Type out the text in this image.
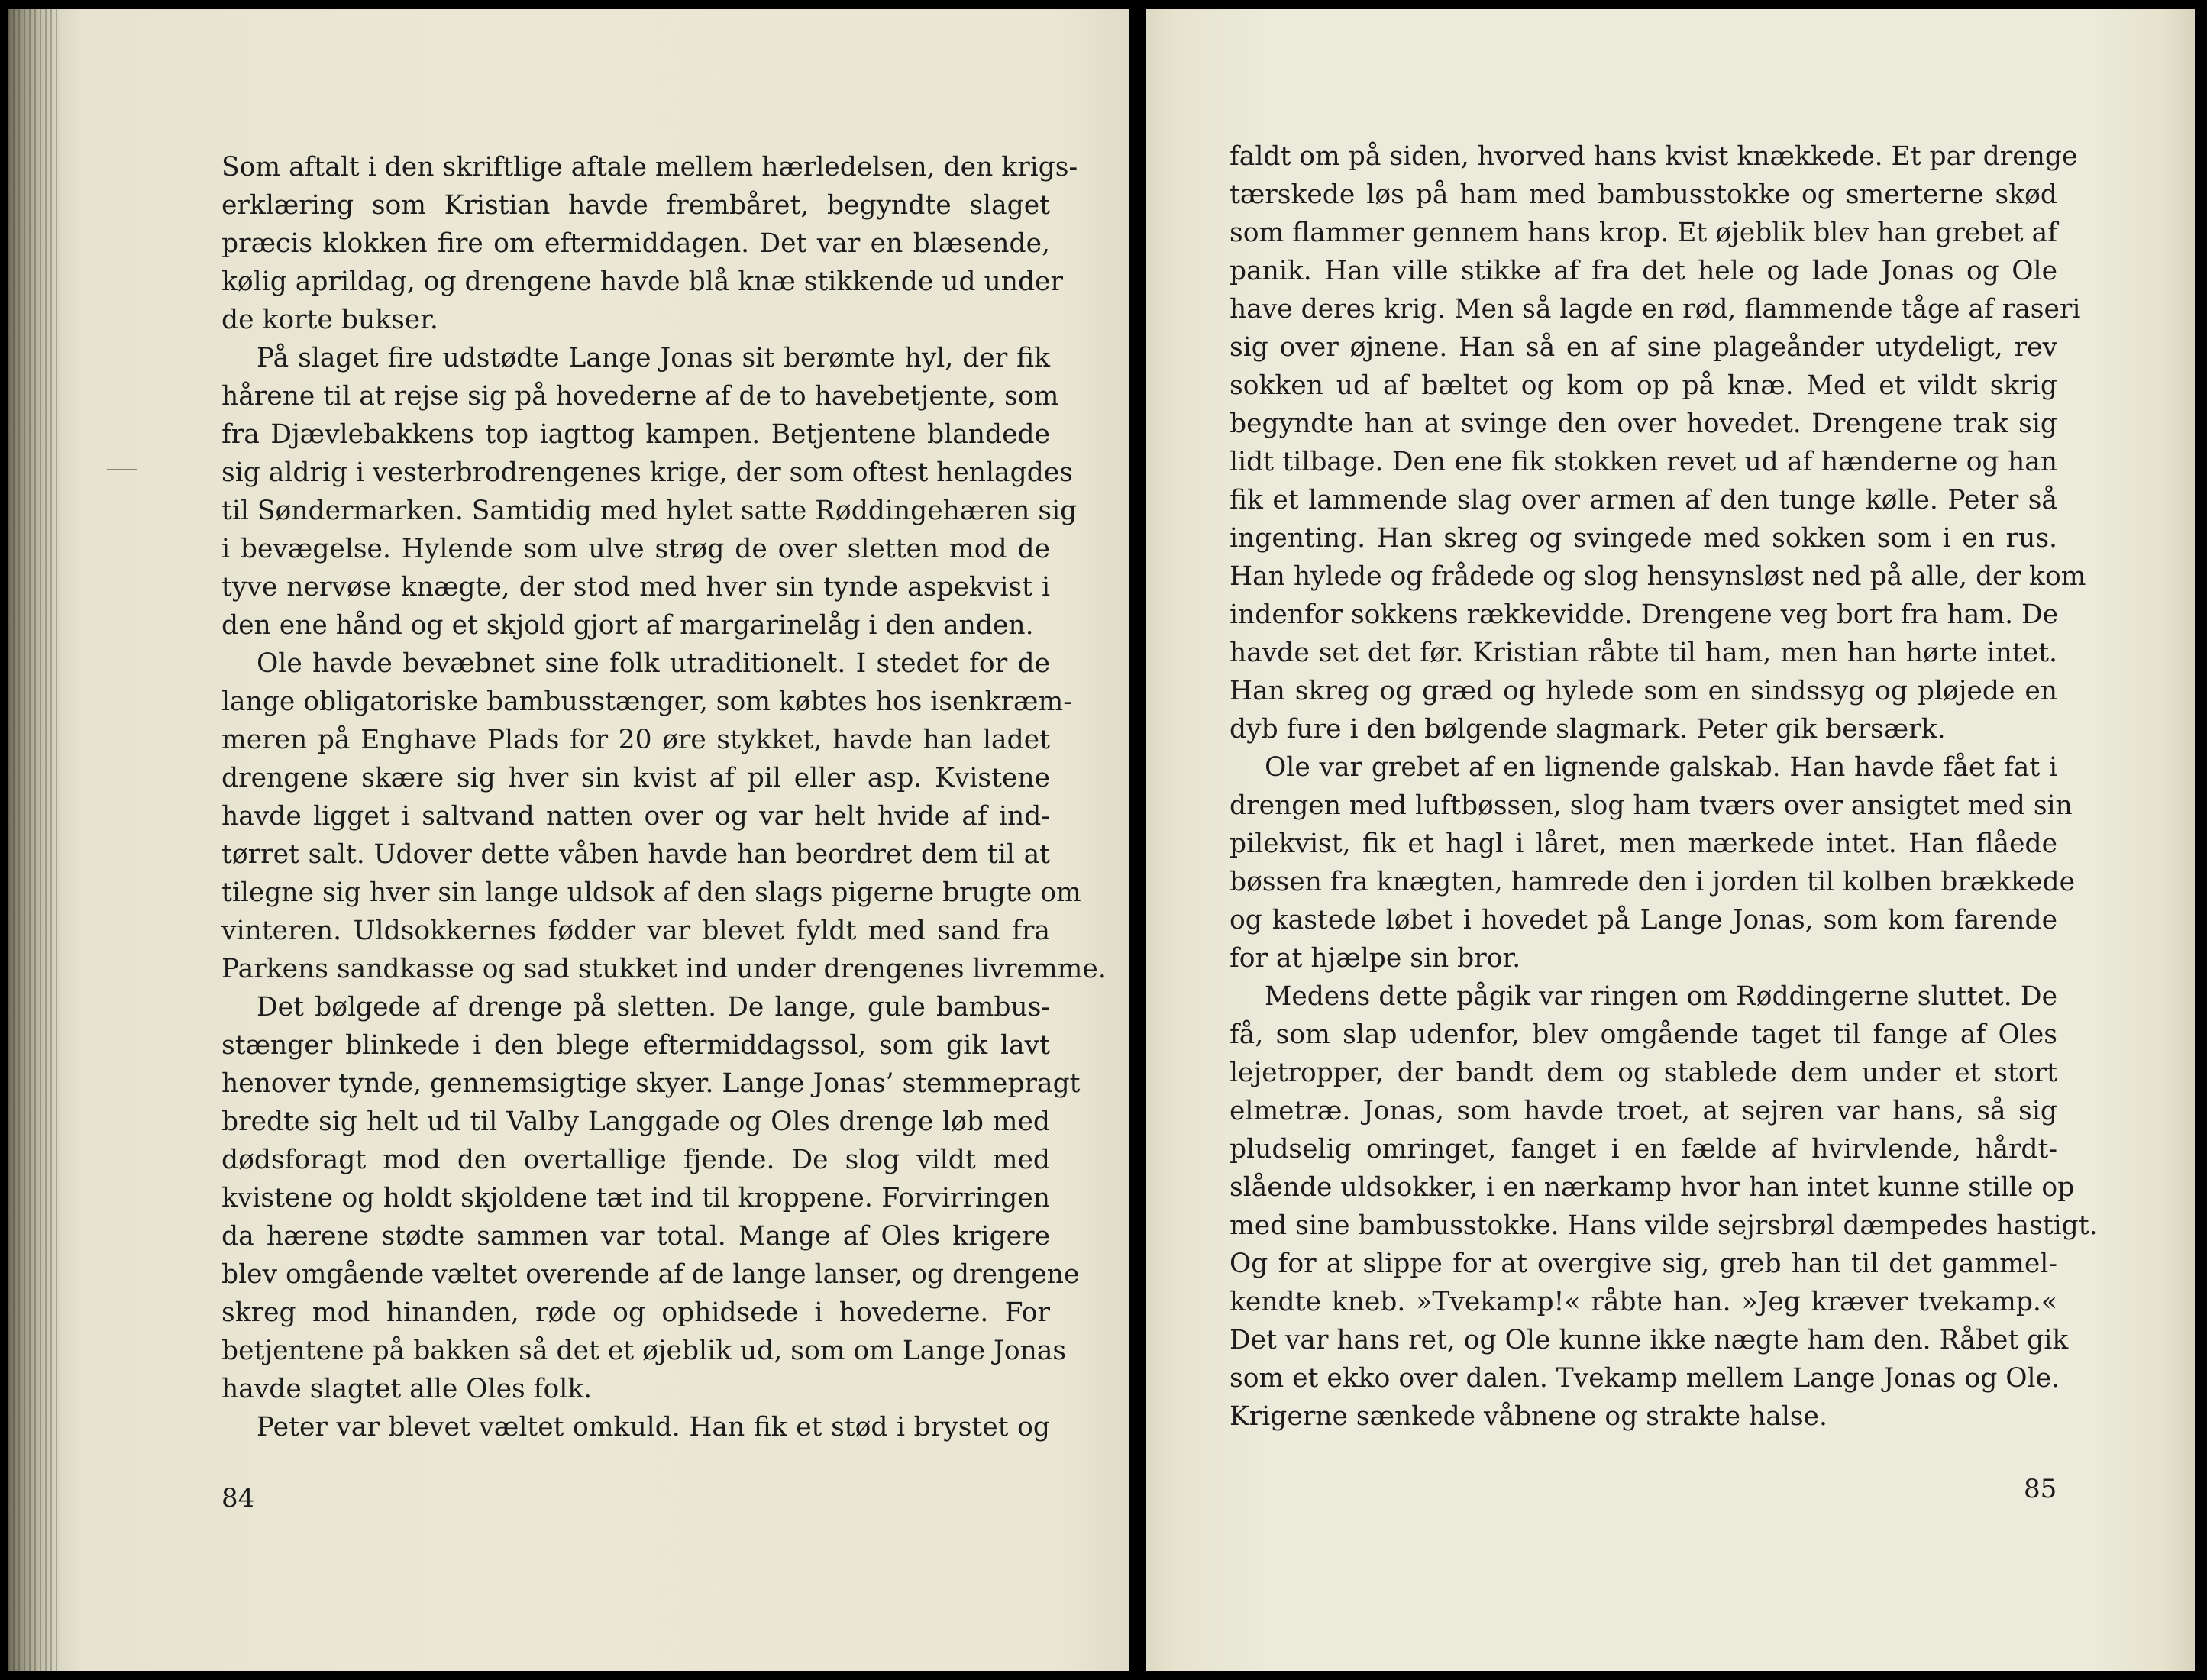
Som aftalt i den skriftlige aftale mellem hærledelsen, den krigs-
erklæring som Kristian havde frembåret, begyndte slaget
præcis klokken fire om eftermiddagen. Det var en blæsende,
kølig aprildag, og drengene havde blå knæ stikkende ud under
de korte bukser.
På slaget fire udstødte Lange Jonas sit berømte hyl, der fik
hårene til at rejse sig på hovederne af de to havebetjente, som
fra Djævlebakkens top iagttog kampen. Betjentene blandede
sig aldrig i vesterbrodrengenes krige, der som oftest henlagdes
til Søndermarken. Samtidig med hylet satte Røddingehæren sig
i bevægelse. Hylende som ulve strøg de over sletten mod de
tyve nervøse knægte, der stod med hver sin tynde aspekvist i
den ene hånd og et skjold gjort af margarinelåg i den anden.
Ole havde bevæbnet sine folk utraditionelt. I stedet for de
lange obligatoriske bambusstænger, som købtes hos isenkræm-
meren på Enghave Plads for 20 øre stykket, havde han ladet
drengene skære sig hver sin kvist af pil eller asp. Kvistene
havde ligget i saltvand natten over og var helt hvide af ind-
tørret salt. Udover dette våben havde han beordret dem til at
tilegne sig hver sin lange uldsok af den slags pigerne brugte om
vinteren. Uldsokkernes fødder var blevet fyldt med sand fra
Parkens sandkasse og sad stukket ind under drengenes livremme.
Det bølgede af drenge på sletten. De lange, gule bambus-
stænger blinkede i den blege eftermiddagssol, som gik lavt
henover tynde, gennemsigtige skyer. Lange Jonas’ stemmepragt
bredte sig helt ud til Valby Langgade og Oles drenge løb med
dødsforagt mod den overtallige fjende. De slog vildt med
kvistene og holdt skjoldene tæt ind til kroppene. Forvirringen
da hærene stødte sammen var total. Mange af Oles krigere
blev omgående væltet overende af de lange lanser, og drengene
skreg mod hinanden, røde og ophidsede i hovederne. For
betjentene på bakken så det et øjeblik ud, som om Lange Jonas
havde slagtet alle Oles folk.
Peter var blevet væltet omkuld. Han fik et stød i brystet og
84
faldt om på siden, hvorved hans kvist knækkede. Et par drenge
tærskede løs på ham med bambusstokke og smerterne skød
som flammer gennem hans krop. Et øjeblik blev han grebet af
panik. Han ville stikke af fra det hele og lade Jonas og Ole
have deres krig. Men så lagde en rød, flammende tåge af raseri
sig over øjnene. Han så en af sine plageånder utydeligt, rev
sokken ud af bæltet og kom op på knæ. Med et vildt skrig
begyndte han at svinge den over hovedet. Drengene trak sig
lidt tilbage. Den ene fik stokken revet ud af hænderne og han
fik et lammende slag over armen af den tunge kølle. Peter så
ingenting. Han skreg og svingede med sokken som i en rus.
Han hylede og frådede og slog hensynsløst ned på alle, der kom
indenfor sokkens rækkevidde. Drengene veg bort fra ham. De
havde set det før. Kristian råbte til ham, men han hørte intet.
Han skreg og græd og hylede som en sindssyg og pløjede en
dyb fure i den bølgende slagmark. Peter gik bersærk.
Ole var grebet af en lignende galskab. Han havde fået fat i
drengen med luftbøssen, slog ham tværs over ansigtet med sin
pilekvist, fik et hagl i låret, men mærkede intet. Han flåede
bøssen fra knægten, hamrede den i jorden til kolben brækkede
og kastede løbet i hovedet på Lange Jonas, som kom farende
for at hjælpe sin bror.
Medens dette pågik var ringen om Røddingerne sluttet. De
få, som slap udenfor, blev omgående taget til fange af Oles
lejetropper, der bandt dem og stablede dem under et stort
elmetræ. Jonas, som havde troet, at sejren var hans, så sig
pludselig omringet, fanget i en fælde af hvirvlende, hårdt-
slående uldsokker, i en nærkamp hvor han intet kunne stille op
med sine bambusstokke. Hans vilde sejrsbrøl dæmpedes hastigt.
Og for at slippe for at overgive sig, greb han til det gammel-
kendte kneb. »Tvekamp!« råbte han. »Jeg kræver tvekamp.«
Det var hans ret, og Ole kunne ikke nægte ham den. Råbet gik
som et ekko over dalen. Tvekamp mellem Lange Jonas og Ole.
Krigerne sænkede våbnene og strakte halse.
85
